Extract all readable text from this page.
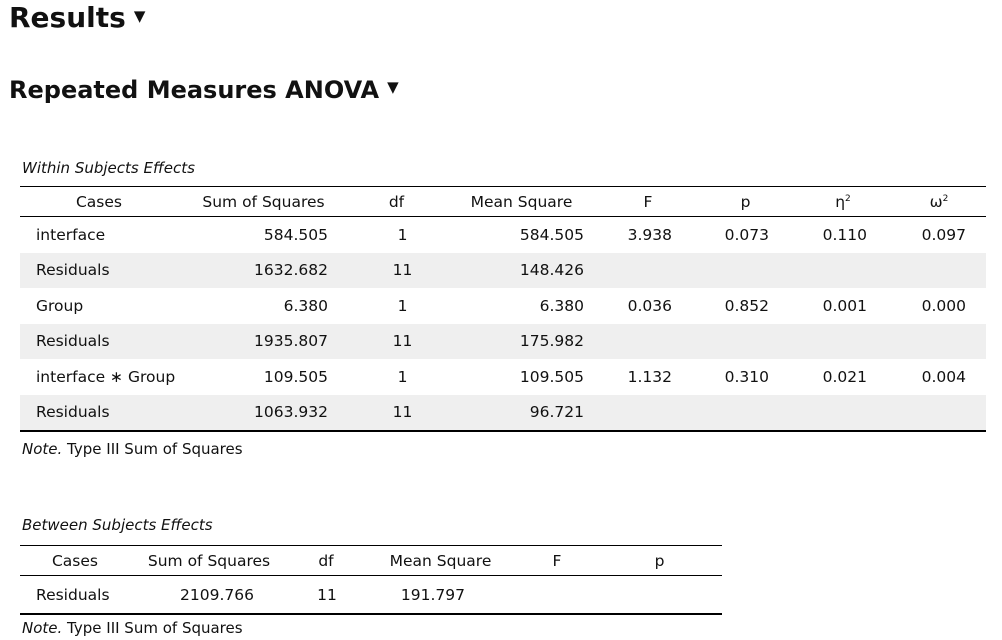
Results ▼
Repeated Measures ANOVA ▼
Within Subjects Effects
Cases	Sum of Squares	df	Mean Square	F	p	$\eta^2$	$\omega^2$
interface	584.505	1	584.505	3.938	0.073	0.110	0.097
Residuals	1632.682	11	148.426				
Group	6.380	1	6.380	0.036	0.852	0.001	0.000
Residuals	1935.807	11	175.982				
interface ∗ Group	109.505	1	109.505	1.132	0.310	0.021	0.004
Residuals	1063.932	11	96.721				
Note. Type III Sum of Squares
Between Subjects Effects
Cases	Sum of Squares	df	Mean Square	F	p
Residuals	2109.766	11	191.797		
Note. Type III Sum of Squares
